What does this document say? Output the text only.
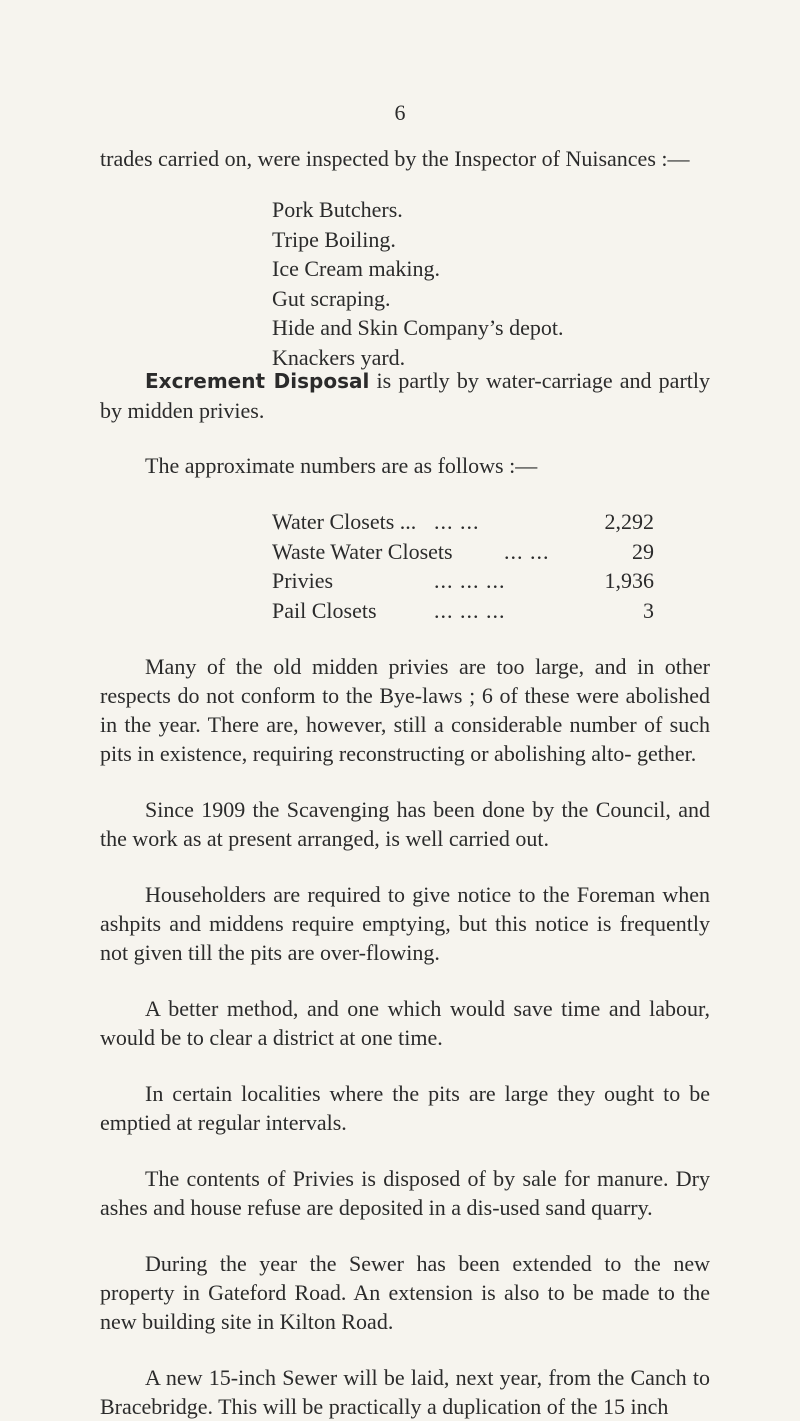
6

trades carried on, were inspected by the Inspector of Nuisances :—

Pork Butchers.
Tripe Boiling.
Ice Cream making.
Gut scraping.
Hide and Skin Company’s depot.
Knackers yard.

Excrement Disposal is partly by water-carriage and partly by midden privies.

The approximate numbers are as follows :—

Water Closets ... ... ...	2,292
Waste Water Closets ... ...	29
Privies	... ... ...	1,936
Pail Closets	... ... ...	3

Many of the old midden privies are too large, and in other respects do not conform to the Bye-laws ; 6 of these were abolished in the year. There are, however, still a considerable number of such pits in existence, requiring reconstructing or abolishing alto- gether.

Since 1909 the Scavenging has been done by the Council, and the work as at present arranged, is well carried out.

Householders are required to give notice to the Foreman when ashpits and middens require emptying, but this notice is frequently not given till the pits are over-flowing.

A better method, and one which would save time and labour, would be to clear a district at one time.

In certain localities where the pits are large they ought to be emptied at regular intervals.

The contents of Privies is disposed of by sale for manure. Dry ashes and house refuse are deposited in a dis-used sand quarry.

During the year the Sewer has been extended to the new property in Gateford Road. An extension is also to be made to the new building site in Kilton Road.

A new 15-inch Sewer will be laid, next year, from the Canch to Bracebridge. This will be practically a duplication of the 15 inch
